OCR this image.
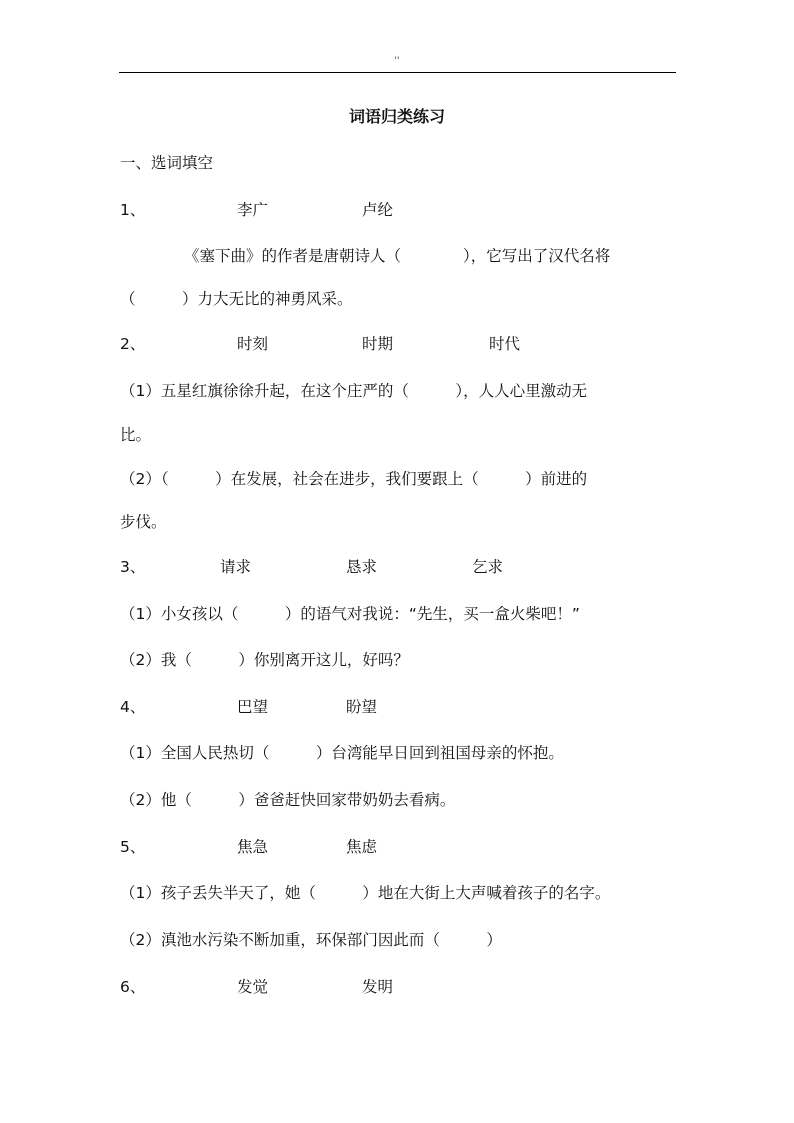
''
词语归类练习
一、选词填空
1、	李广	卢纶
《塞下曲》的作者是唐朝诗人（　　　　），它写出了汉代名将
（　　　）力大无比的神勇风采。
2、	时刻	时期	时代
（1）五星红旗徐徐升起，在这个庄严的（　　　），人人心里激动无
比。
（2）（　　　）在发展，社会在进步，我们要跟上（　　　）前进的
步伐。
3、	请求	恳求	乞求
（1）小女孩以（　　　）的语气对我说：“先生，买一盒火柴吧！”
（2）我（　　　）你别离开这儿，好吗？
4、	巴望	盼望
（1）全国人民热切（　　　）台湾能早日回到祖国母亲的怀抱。
（2）他（　　　）爸爸赶快回家带奶奶去看病。
5、	焦急	焦虑
（1）孩子丢失半天了，她（　　　）地在大街上大声喊着孩子的名字。
（2）滇池水污染不断加重，环保部门因此而（　　　）
6、	发觉	发明
